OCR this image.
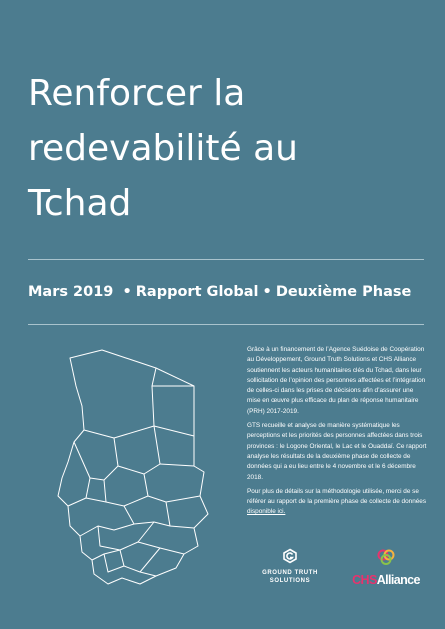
Renforcer la
redevabilité au
Tchad

Mars 2019 • Rapport Global • Deuxième Phase

Grâce à un financement de l’Agence Suédoise de Coopération au Développement, Ground Truth Solutions et CHS Alliance soutiennent les acteurs humanitaires clés du Tchad, dans leur sollicitation de l’opinion des personnes affectées et l’intégration de celles-ci dans les prises de décisions afin d’assurer une mise en œuvre plus efficace du plan de réponse humanitaire (PRH) 2017-2019.

GTS recueille et analyse de manière systématique les perceptions et les priorités des personnes affectées dans trois provinces : le Logone Oriental, le Lac et le Ouaddaï. Ce rapport analyse les résultats de la deuxième phase de collecte de données qui a eu lieu entre le 4 novembre et le 6 décembre 2018.

Pour plus de détails sur la méthodologie utilisée, merci de se référer au rapport de la première phase de collecte de données disponible ici.

GROUND TRUTH
SOLUTIONS	CHSAlliance
